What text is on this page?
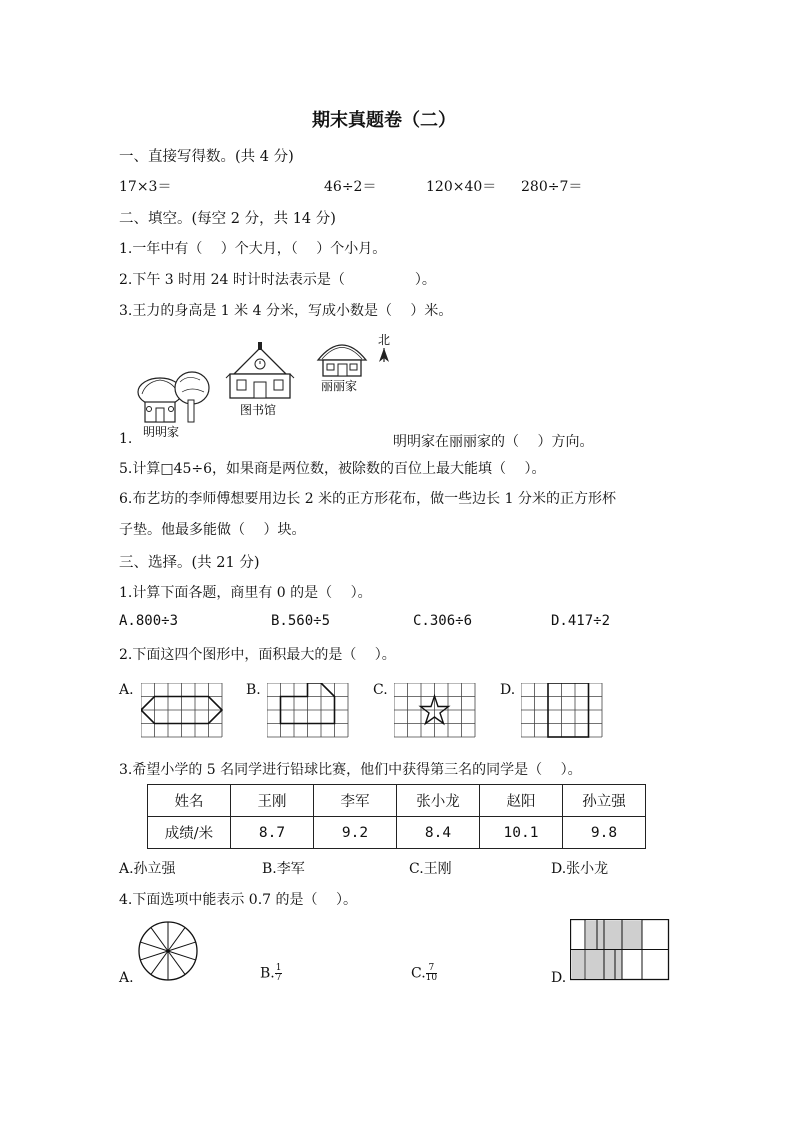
期末真题卷（二）
一、直接写得数。(共 4 分)
17×3＝	46÷2＝	120×40＝ 280÷7＝
二、填空。(每空 2 分，共 14 分)
1.一年中有（　 ）个大月，（　 ）个小月。
2.下午 3 时用 24 时计时法表示是（　　　　　）。
3.王力的身高是 1 米 4 分米，写成小数是（　 ）米。
北
丽丽家
图书馆
明明家
1.	明明家在丽丽家的（　 ）方向。
5.计算□45÷6，如果商是两位数，被除数的百位上最大能填（　 ）。
6.布艺坊的李师傅想要用边长 2 米的正方形花布，做一些边长 1 分米的正方形杯
子垫。他最多能做（　 ）块。
三、选择。(共 21 分)
1.计算下面各题，商里有 0 的是（　 ）。
A.800÷3	B.560÷5	C.306÷6	D.417÷2
2.下面这四个图形中，面积最大的是（　 ）。
A.	B.	C.	D.
3.希望小学的 5 名同学进行铅球比赛，他们中获得第三名的同学是（　 ）。
姓名	王刚	李军	张小龙	赵阳	孙立强
成绩/米	8.7	9.2	8.4	10.1	9.8
A.孙立强	B.李军	C.王刚	D.张小龙
4.下面选项中能表示 0.7 的是（　 ）。
A.	B. $\frac{1}{7}$	C. $\frac{7}{10}$	D.
